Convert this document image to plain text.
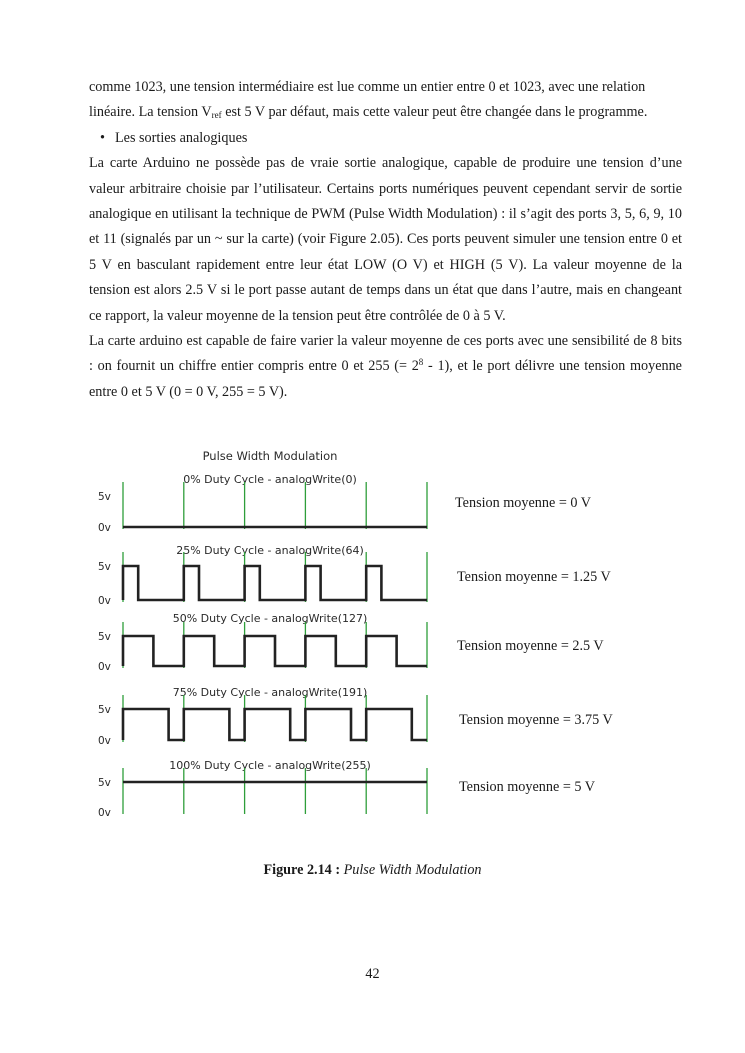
comme 1023, une tension intermédiaire est lue comme un entier entre 0 et 1023, avec une relation
linéaire. La tension $V_{ref}$ est 5 V par défaut, mais cette valeur peut être changée dans le programme.

• Les sorties analogiques

La carte Arduino ne possède pas de vraie sortie analogique, capable de produire une tension d’une valeur arbitraire choisie par l’utilisateur. Certains ports numériques peuvent cependant servir de sortie analogique en utilisant la technique de PWM (Pulse Width Modulation) : il s’agit des ports 3, 5, 6, 9, 10 et 11 (signalés par un ~ sur la carte) (voir Figure 2.05). Ces ports peuvent simuler une tension entre 0 et 5 V en basculant rapidement entre leur état LOW (O V) et HIGH (5 V). La valeur moyenne de la tension est alors 2.5 V si le port passe autant de temps dans un état que dans l’autre, mais en changeant ce rapport, la valeur moyenne de la tension peut être contrôlée de 0 à 5 V.

La carte arduino est capable de faire varier la valeur moyenne de ces ports avec une sensibilité de 8 bits : on fournit un chiffre entier compris entre 0 et 255 (= $2^8 - 1$), et le port délivre une tension moyenne entre 0 et 5 V (0 = 0 V, 255 = 5 V).

Pulse Width Modulation
0% Duty Cycle - analogWrite(0)
5v
0v
25% Duty Cycle - analogWrite(64)
5v
0v
50% Duty Cycle - analogWrite(127)
5v
0v
75% Duty Cycle - analogWrite(191)
5v
0v
100% Duty Cycle - analogWrite(255)
5v
0v
Tension moyenne = 0 V
Tension moyenne = 1.25 V
Tension moyenne = 2.5 V
Tension moyenne = 3.75 V
Tension moyenne = 5 V
Figure 2.14 : Pulse Width Modulation
42
